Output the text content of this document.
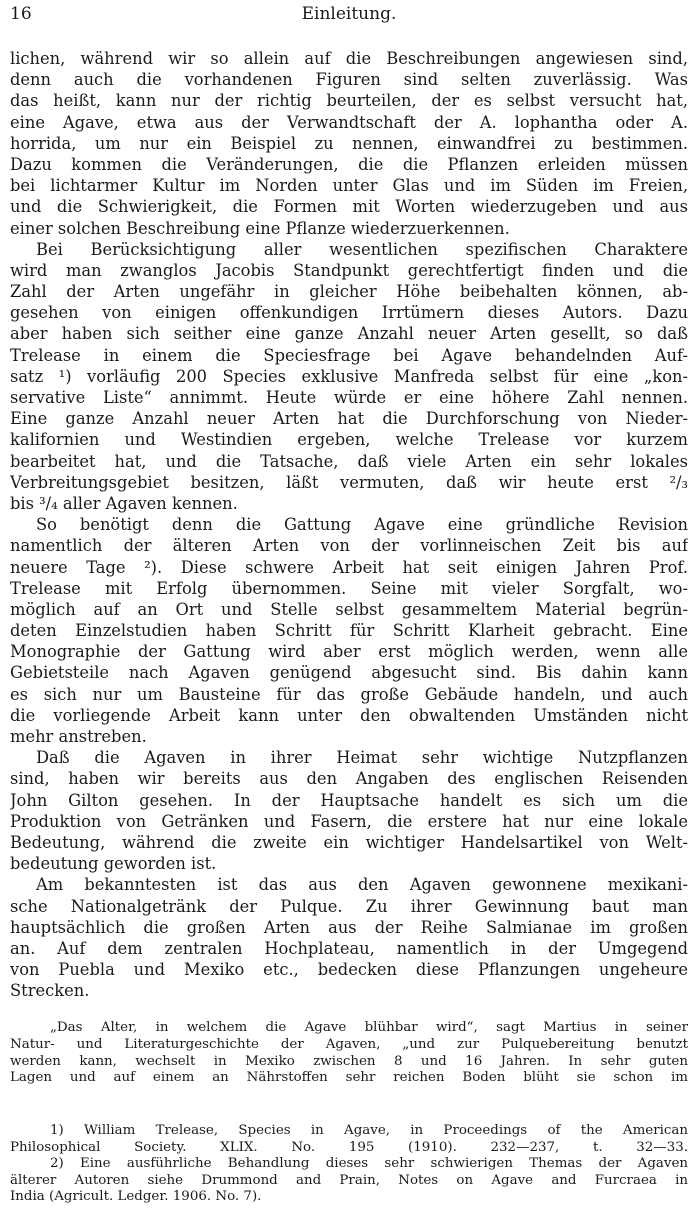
16	Einleitung.
lichen, während wir so allein auf die Beschreibungen angewiesen sind,
denn auch die vorhandenen Figuren sind selten zuverlässig. Was
das heißt, kann nur der richtig beurteilen, der es selbst versucht hat,
eine Agave, etwa aus der Verwandtschaft der A. lophantha oder A.
horrida, um nur ein Beispiel zu nennen, einwandfrei zu bestimmen.
Dazu kommen die Veränderungen, die die Pflanzen erleiden müssen
bei lichtarmer Kultur im Norden unter Glas und im Süden im Freien,
und die Schwierigkeit, die Formen mit Worten wiederzugeben und aus
einer solchen Beschreibung eine Pflanze wiederzuerkennen.
Bei Berücksichtigung aller wesentlichen spezifischen Charaktere
wird man zwanglos Jacobis Standpunkt gerechtfertigt finden und die
Zahl der Arten ungefähr in gleicher Höhe beibehalten können, ab-
gesehen von einigen offenkundigen Irrtümern dieses Autors. Dazu
aber haben sich seither eine ganze Anzahl neuer Arten gesellt, so daß
Trelease in einem die Speciesfrage bei Agave behandelnden Auf-
satz ¹) vorläufig 200 Species exklusive Manfreda selbst für eine „kon-
servative Liste“ annimmt. Heute würde er eine höhere Zahl nennen.
Eine ganze Anzahl neuer Arten hat die Durchforschung von Nieder-
kalifornien und Westindien ergeben, welche Trelease vor kurzem
bearbeitet hat, und die Tatsache, daß viele Arten ein sehr lokales
Verbreitungsgebiet besitzen, läßt vermuten, daß wir heute erst ²/₃
bis ³/₄ aller Agaven kennen.
So benötigt denn die Gattung Agave eine gründliche Revision
namentlich der älteren Arten von der vorlinneischen Zeit bis auf
neuere Tage ²). Diese schwere Arbeit hat seit einigen Jahren Prof.
Trelease mit Erfolg übernommen. Seine mit vieler Sorgfalt, wo-
möglich auf an Ort und Stelle selbst gesammeltem Material begrün-
deten Einzelstudien haben Schritt für Schritt Klarheit gebracht. Eine
Monographie der Gattung wird aber erst möglich werden, wenn alle
Gebietsteile nach Agaven genügend abgesucht sind. Bis dahin kann
es sich nur um Bausteine für das große Gebäude handeln, und auch
die vorliegende Arbeit kann unter den obwaltenden Umständen nicht
mehr anstreben.
Daß die Agaven in ihrer Heimat sehr wichtige Nutzpflanzen
sind, haben wir bereits aus den Angaben des englischen Reisenden
John Gilton gesehen. In der Hauptsache handelt es sich um die
Produktion von Getränken und Fasern, die erstere hat nur eine lokale
Bedeutung, während die zweite ein wichtiger Handelsartikel von Welt-
bedeutung geworden ist.
Am bekanntesten ist das aus den Agaven gewonnene mexikani-
sche Nationalgetränk der Pulque. Zu ihrer Gewinnung baut man
hauptsächlich die großen Arten aus der Reihe Salmianae im großen
an. Auf dem zentralen Hochplateau, namentlich in der Umgegend
von Puebla und Mexiko etc., bedecken diese Pflanzungen ungeheure
Strecken.
„Das Alter, in welchem die Agave blühbar wird“, sagt Martius in seiner
Natur- und Literaturgeschichte der Agaven, „und zur Pulquebereitung benutzt
werden kann, wechselt in Mexiko zwischen 8 und 16 Jahren. In sehr guten
Lagen und auf einem an Nährstoffen sehr reichen Boden blüht sie schon im
1) William Trelease, Species in Agave, in Proceedings of the American
Philosophical Society. XLIX. No. 195 (1910). 232—237, t. 32—33.
2) Eine ausführliche Behandlung dieses sehr schwierigen Themas der Agaven
älterer Autoren siehe Drummond and Prain, Notes on Agave and Furcraea in
India (Agricult. Ledger. 1906. No. 7).
